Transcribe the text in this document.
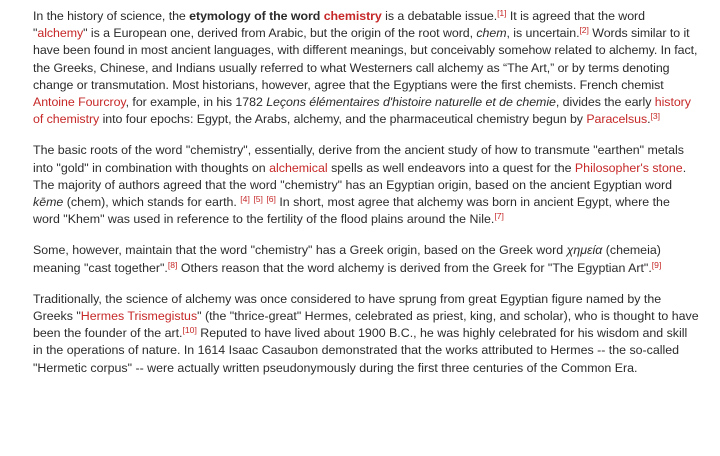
In the history of science, the etymology of the word chemistry is a debatable issue.[1] It is agreed that the word "alchemy" is a European one, derived from Arabic, but the origin of the root word, chem, is uncertain.[2] Words similar to it have been found in most ancient languages, with different meanings, but conceivably somehow related to alchemy. In fact, the Greeks, Chinese, and Indians usually referred to what Westerners call alchemy as “The Art,” or by terms denoting change or transmutation. Most historians, however, agree that the Egyptians were the first chemists. French chemist Antoine Fourcroy, for example, in his 1782 Leçons élémentaires d'histoire naturelle et de chemie, divides the early history of chemistry into four epochs: Egypt, the Arabs, alchemy, and the pharmaceutical chemistry begun by Paracelsus.[3]

The basic roots of the word "chemistry", essentially, derive from the ancient study of how to transmute "earthen" metals into "gold" in combination with thoughts on alchemical spells as well endeavors into a quest for the Philosopher's stone. The majority of authors agreed that the word "chemistry" has an Egyptian origin, based on the ancient Egyptian word kēme (chem), which stands for earth. [4] [5] [6] In short, most agree that alchemy was born in ancient Egypt, where the word "Khem" was used in reference to the fertility of the flood plains around the Nile.[7]

Some, however, maintain that the word "chemistry" has a Greek origin, based on the Greek word χημεία (chemeia) meaning "cast together".[8] Others reason that the word alchemy is derived from the Greek for "The Egyptian Art".[9]

Traditionally, the science of alchemy was once considered to have sprung from great Egyptian figure named by the Greeks "Hermes Trismegistus" (the "thrice-great" Hermes, celebrated as priest, king, and scholar), who is thought to have been the founder of the art.[10] Reputed to have lived about 1900 B.C., he was highly celebrated for his wisdom and skill in the operations of nature. In 1614 Isaac Casaubon demonstrated that the works attributed to Hermes -- the so-called "Hermetic corpus" -- were actually written pseudonymously during the first three centuries of the Common Era.
